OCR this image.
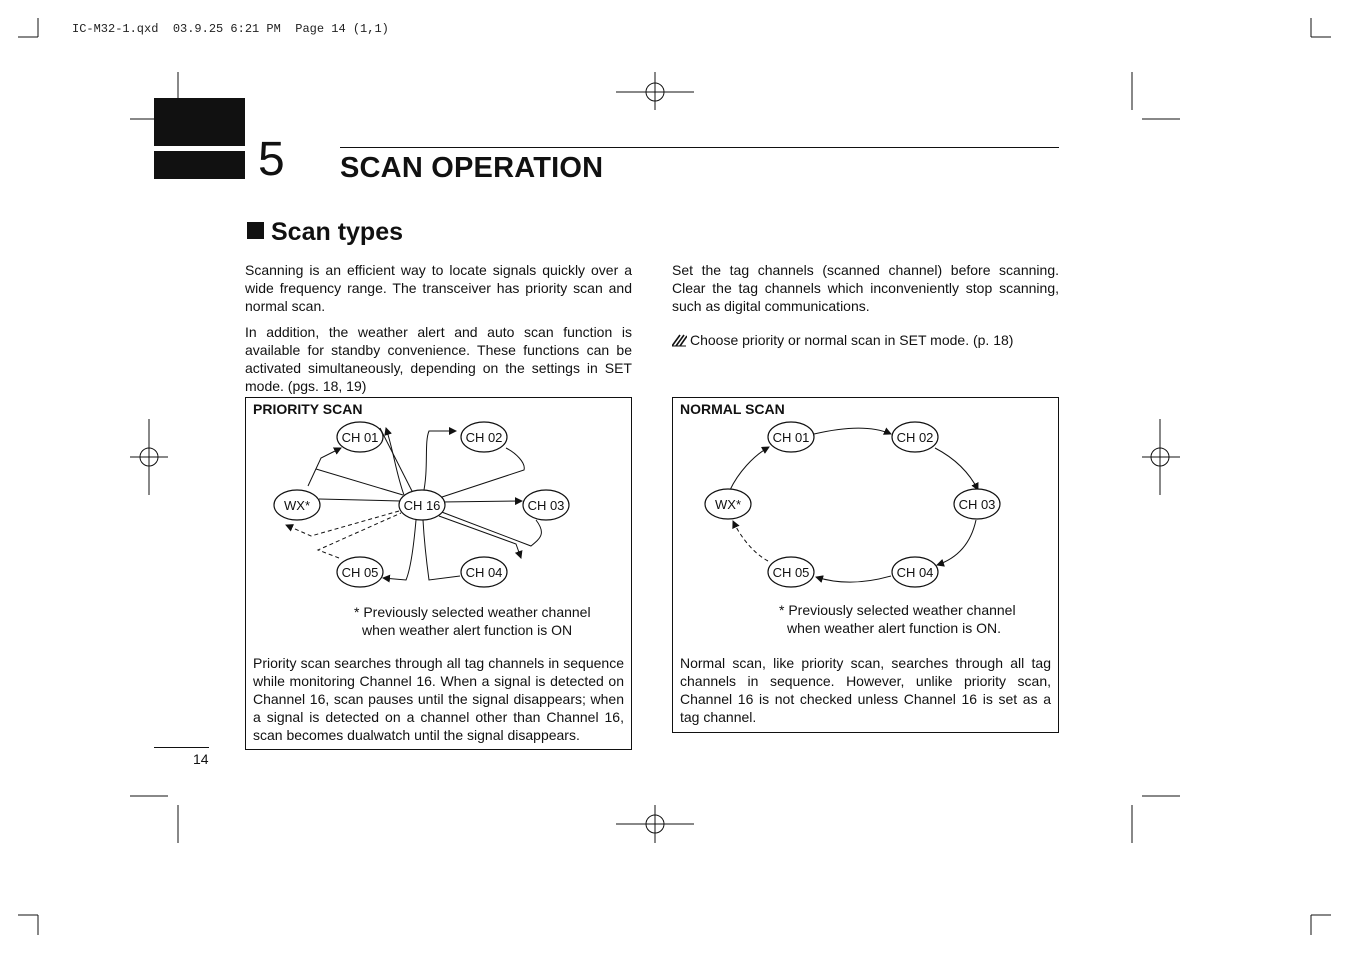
IC-M32-1.qxd  03.9.25 6:21 PM  Page 14 (1,1)
5 SCAN OPERATION
Scan types
Scanning is an efficient way to locate signals quickly over a wide frequency range. The transceiver has priority scan and normal scan.
In addition, the weather alert and auto scan function is available for standby convenience. These functions can be activated simultaneously, depending on the settings in SET mode. (pgs. 18, 19)
Set the tag channels (scanned channel) before scanning. Clear the tag channels which inconveniently stop scanning, such as digital communications.
Choose priority or normal scan in SET mode. (p. 18)
PRIORITY SCAN
CH 01	CH 02
CH 03
CH 04
CH 05
WX*	CH 16
* Previously selected weather channel
when weather alert function is ON
Priority scan searches through all tag channels in sequence while monitoring Channel 16. When a signal is detected on Channel 16, scan pauses until the signal disappears; when a signal is detected on a channel other than Channel 16, scan becomes dualwatch until the signal disappears.
NORMAL SCAN
CH 01	CH 02
CH 03
CH 04
CH 05
WX*
* Previously selected weather channel
when weather alert function is ON.
Normal scan, like priority scan, searches through all tag channels in sequence. However, unlike priority scan, Channel 16 is not checked unless Channel 16 is set as a tag channel.
14
